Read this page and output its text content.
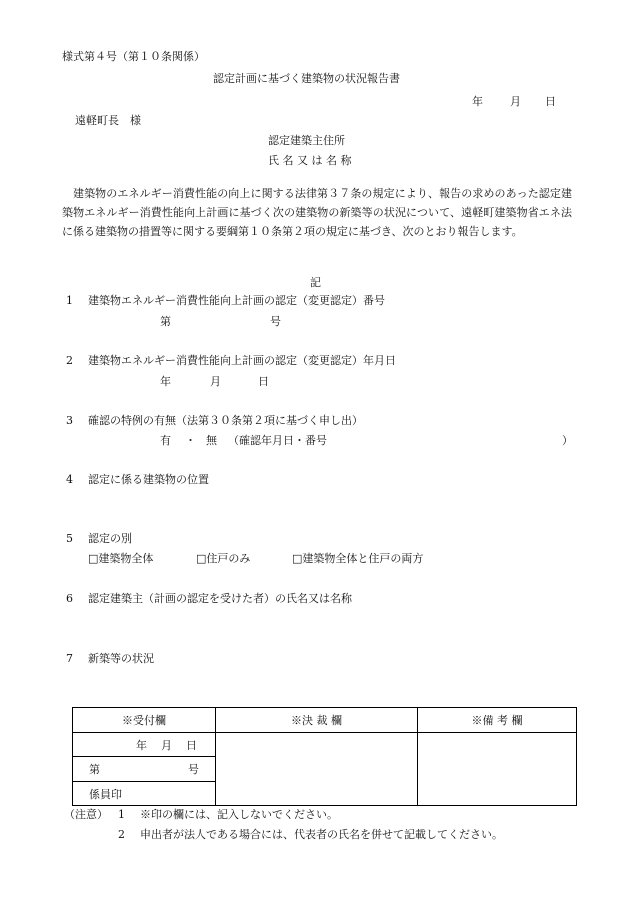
様式第４号（第１０条関係）
認定計画に基づく建築物の状況報告書
年 月 日
遠軽町長　様
認定建築主住所
氏 名 又 は 名 称
建築物のエネルギー消費性能の向上に関する法律第３７条の規定により、報告の求めのあった認定建築物エネルギー消費性能向上計画に基づく次の建築物の新築等の状況について、遠軽町建築物省エネ法に係る建築物の措置等に関する要綱第１０条第２項の規定に基づき、次のとおり報告します。
記
1 建築物エネルギー消費性能向上計画の認定（変更認定）番号
第	号
2 建築物エネルギー消費性能向上計画の認定（変更認定）年月日
年	月	日
3 確認の特例の有無（法第３０条第２項に基づく申し出）
有 ・ 無 （確認年月日・番号	）
4 認定に係る建築物の位置
5 認定の別
□建築物全体	□住戸のみ	□建築物全体と住戸の両方
6 認定建築主（計画の認定を受けた者）の氏名又は名称
7 新築等の状況
※受付欄	※決 裁 欄	※備 考 欄

年 月 日		

第 号		

係員印		
（注意） 1 ※印の欄には、記入しないでください。
2 申出者が法人である場合には、代表者の氏名を併せて記載してください。
